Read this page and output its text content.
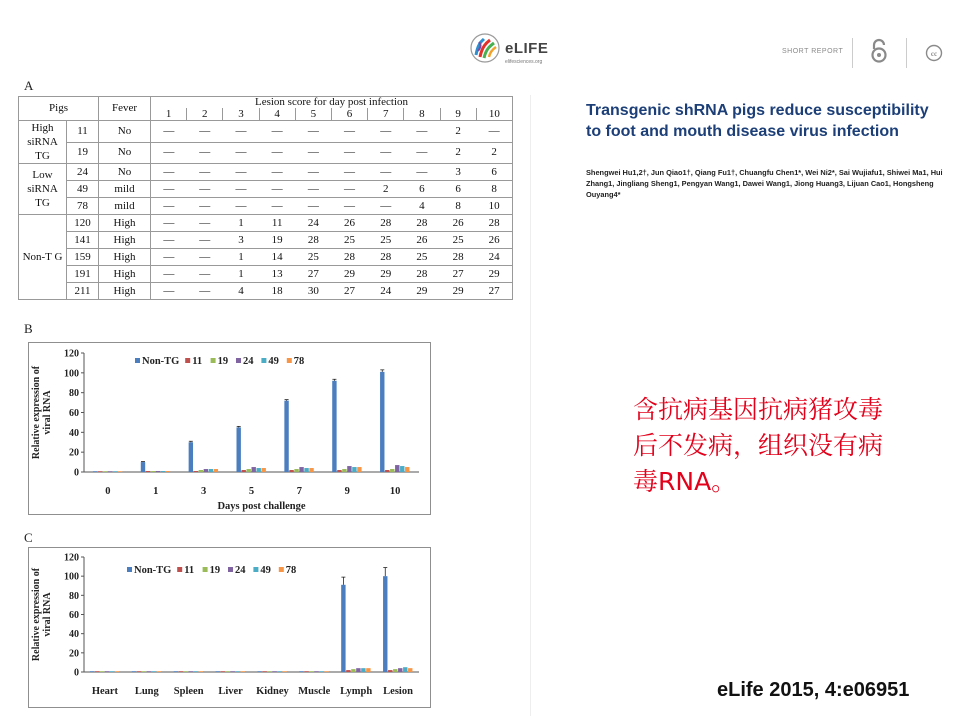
eLIFE
elifesciences.org
SHORT REPORT	cc
A
Pigs		Fever	Lesion score for day post infection									
			1	2	3	4	5	6	7	8	9	10
High siRNA TG	11	No	—	—	—	—	—	—	—	—	2	—
	19	No	—	—	—	—	—	—	—	—	2	2
Low siRNA TG	24	No	—	—	—	—	—	—	—	—	3	6
	49	mild	—	—	—	—	—	—	2	6	6	8
	78	mild	—	—	—	—	—	—	—	4	8	10
Non-T G	120	High	—	—	1	11	24	26	28	28	26	28
	141	High	—	—	3	19	28	25	25	26	25	26
	159	High	—	—	1	14	25	28	28	25	28	24
	191	High	—	—	1	13	27	29	29	28	27	29
	211	High	—	—	4	18	30	27	24	29	29	27
B
0
20
40
60
80
100
120
Relative expression ofviral RNA
0	1	3	5	7	9	10
Days post challenge
Non-TG 11 19 24 49 78
C
0
20
40
60
80
100
120
Relative expression ofviral RNA
Heart Lung Spleen Liver Kidney Muscle Lymph Lesion
Non-TG 11 19 24 49 78
Transgenic shRNA pigs reduce susceptibility to foot and mouth disease virus infection
Shengwei Hu1,2†, Jun Qiao1†, Qiang Fu1†, Chuangfu Chen1*, Wei Ni2*, Sai Wujiafu1, Shiwei Ma1, Hui Zhang1, Jingliang Sheng1, Pengyan Wang1, Dawei Wang1, Jiong Huang3, Lijuan Cao1, Hongsheng Ouyang4*
含抗病基因抗病猪攻毒后不发病，组织没有病毒RNA。
eLife 2015, 4:e06951
